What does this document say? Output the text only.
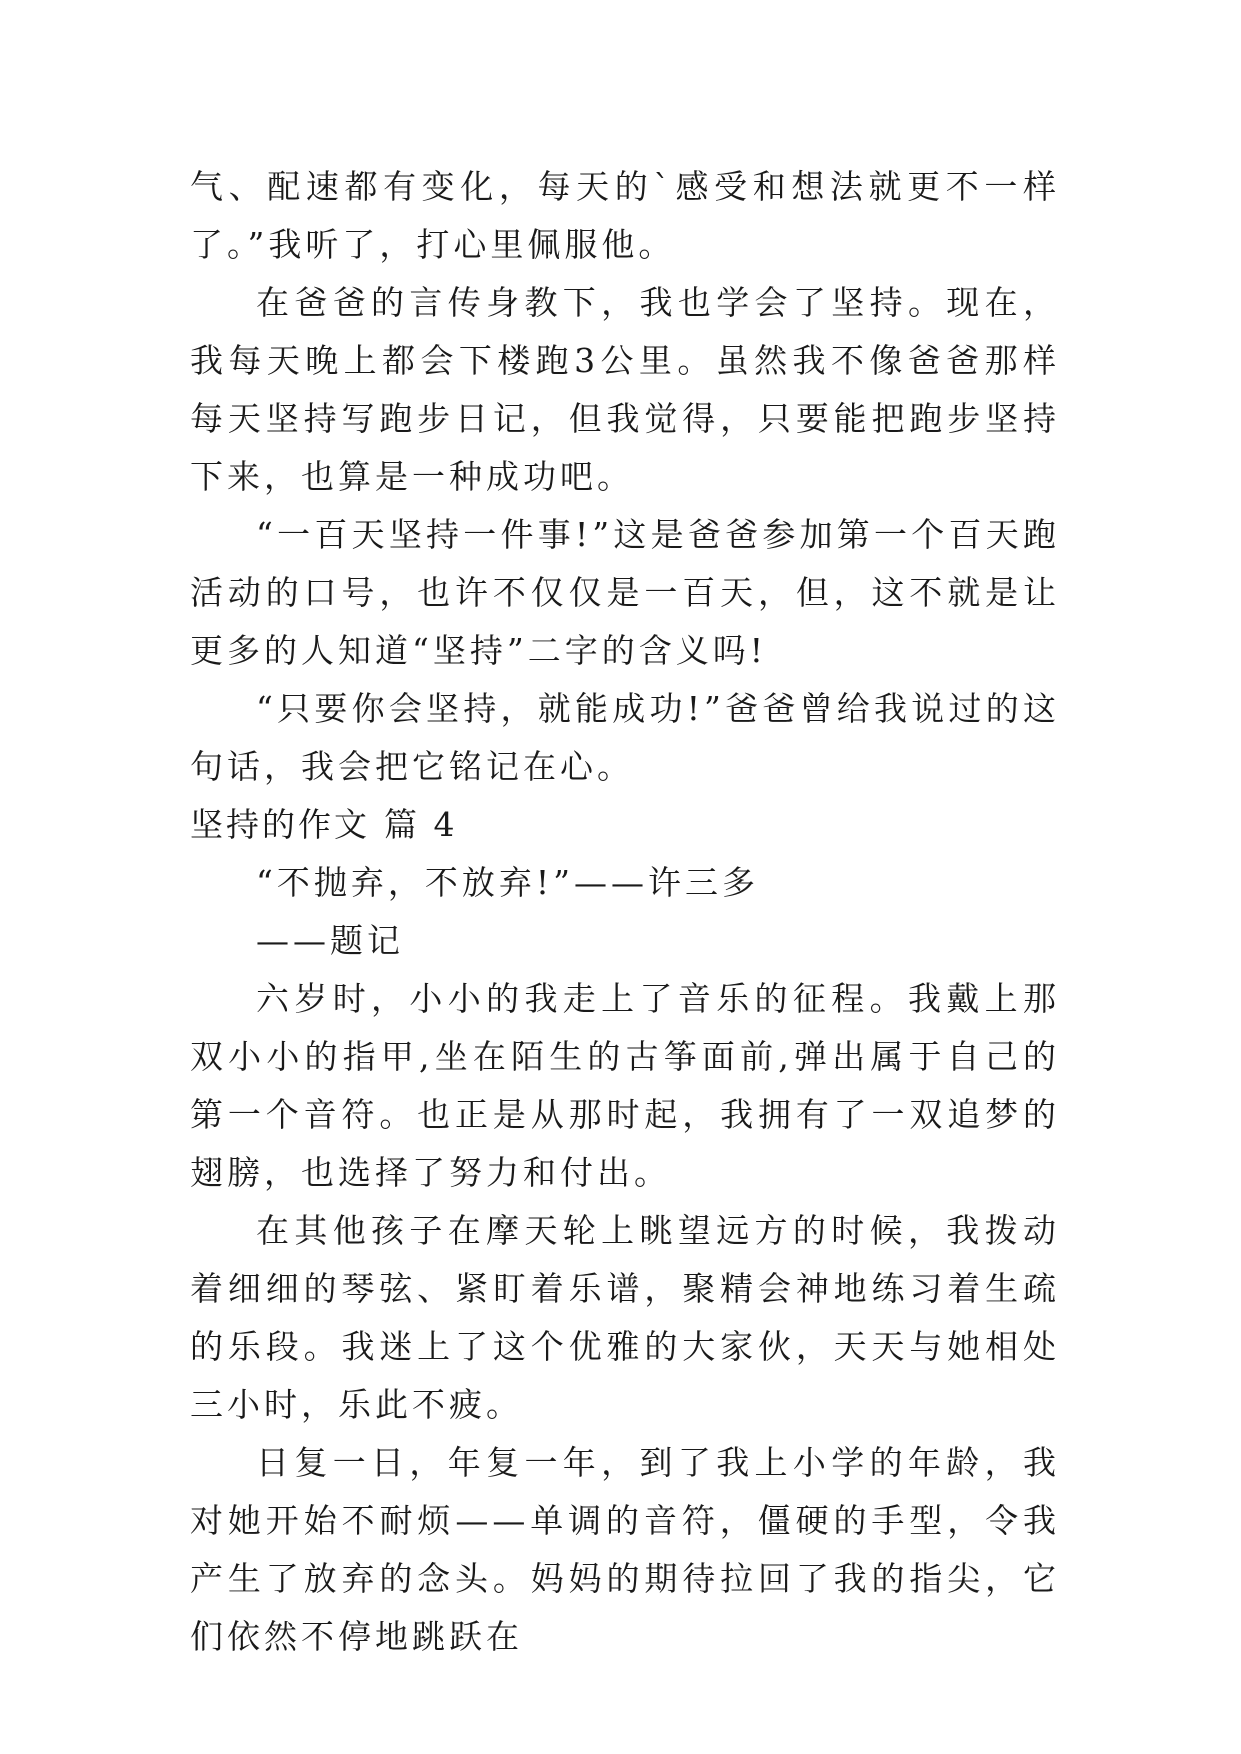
气、配速都有变化，每天的`感受和想法就更不一样了。”我听了，打心里佩服他。

在爸爸的言传身教下，我也学会了坚持。现在，我每天晚上都会下楼跑3公里。虽然我不像爸爸那样每天坚持写跑步日记，但我觉得，只要能把跑步坚持下来，也算是一种成功吧。

“一百天坚持一件事!”这是爸爸参加第一个百天跑活动的口号，也许不仅仅是一百天，但，这不就是让更多的人知道“坚持”二字的含义吗!

“只要你会坚持，就能成功!”爸爸曾给我说过的这句话，我会把它铭记在心。

坚持的作文 篇 4

“不抛弃，不放弃!”——许三多

——题记

六岁时，小小的我走上了音乐的征程。我戴上那双小小的指甲,坐在陌生的古筝面前,弹出属于自己的第一个音符。也正是从那时起，我拥有了一双追梦的翅膀，也选择了努力和付出。

在其他孩子在摩天轮上眺望远方的时候，我拨动着细细的琴弦、紧盯着乐谱，聚精会神地练习着生疏的乐段。我迷上了这个优雅的大家伙，天天与她相处三小时，乐此不疲。

日复一日，年复一年，到了我上小学的年龄，我对她开始不耐烦——单调的音符，僵硬的手型，令我产生了放弃的念头。妈妈的期待拉回了我的指尖，它们依然不停地跳跃在
